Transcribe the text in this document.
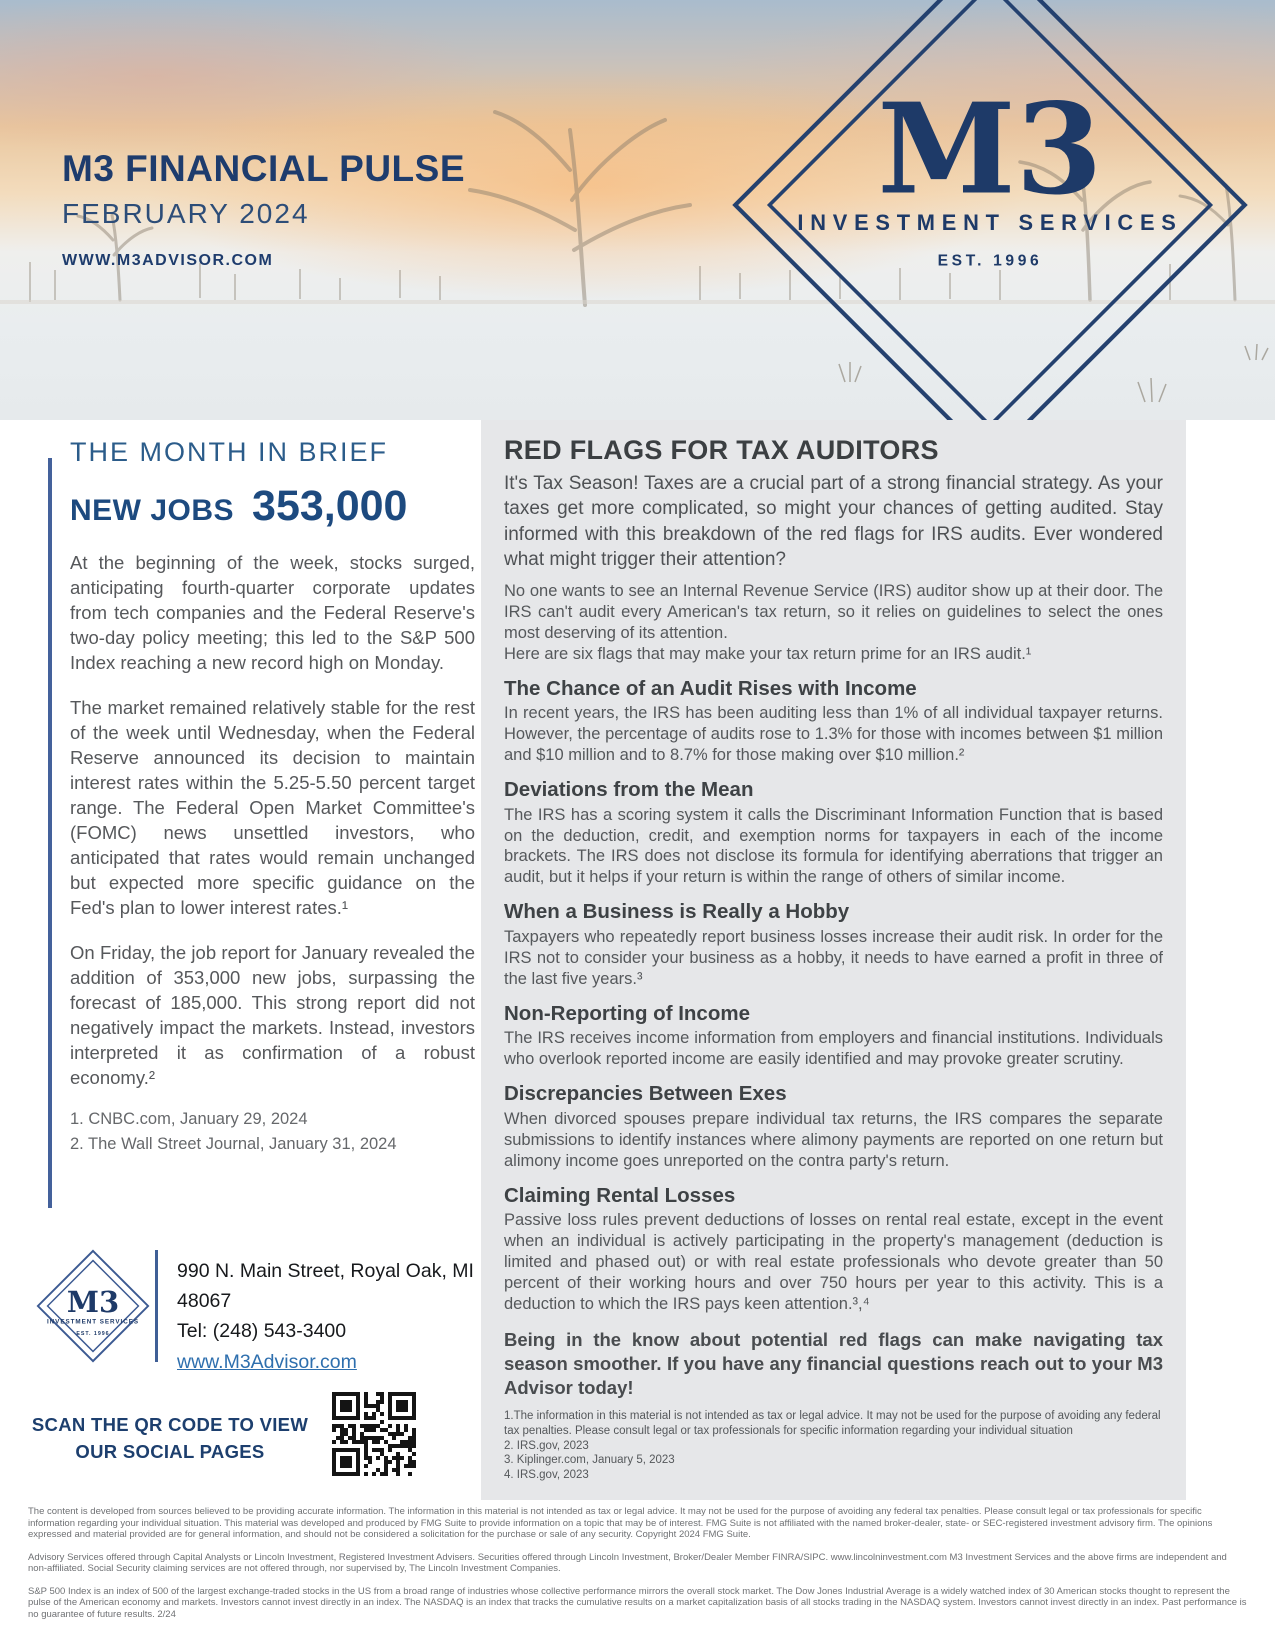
M3
INVESTMENT SERVICES
EST. 1996
M3 FINANCIAL PULSE
FEBRUARY 2024
WWW.M3ADVISOR.COM
THE MONTH IN BRIEF
NEW JOBS 353,000

At the beginning of the week, stocks surged, anticipating fourth-quarter corporate updates from tech companies and the Federal Reserve's two-day policy meeting; this led to the S&P 500 Index reaching a new record high on Monday.

The market remained relatively stable for the rest of the week until Wednesday, when the Federal Reserve announced its decision to maintain interest rates within the 5.25-5.50 percent target range. The Federal Open Market Committee's (FOMC) news unsettled investors, who anticipated that rates would remain unchanged but expected more specific guidance on the Fed's plan to lower interest rates.¹

On Friday, the job report for January revealed the addition of 353,000 new jobs, surpassing the forecast of 185,000. This strong report did not negatively impact the markets. Instead, investors interpreted it as confirmation of a robust economy.²

1. CNBC.com, January 29, 2024
2. The Wall Street Journal, January 31, 2024
M3
INVESTMENT SERVICES
EST. 1996
990 N. Main Street, Royal Oak, MI 48067
Tel: (248) 543-3400
www.M3Advisor.com
SCAN THE QR CODE TO VIEW
OUR SOCIAL PAGES
RED FLAGS FOR TAX AUDITORS
It's Tax Season! Taxes are a crucial part of a strong financial strategy. As your taxes get more complicated, so might your chances of getting audited. Stay informed with this breakdown of the red flags for IRS audits. Ever wondered what might trigger their attention?

No one wants to see an Internal Revenue Service (IRS) auditor show up at their door. The IRS can't audit every American's tax return, so it relies on guidelines to select the ones most deserving of its attention.

Here are six flags that may make your tax return prime for an IRS audit.¹

The Chance of an Audit Rises with Income

In recent years, the IRS has been auditing less than 1% of all individual taxpayer returns. However, the percentage of audits rose to 1.3% for those with incomes between $1 million and $10 million and to 8.7% for those making over $10 million.²

Deviations from the Mean

The IRS has a scoring system it calls the Discriminant Information Function that is based on the deduction, credit, and exemption norms for taxpayers in each of the income brackets. The IRS does not disclose its formula for identifying aberrations that trigger an audit, but it helps if your return is within the range of others of similar income.

When a Business is Really a Hobby

Taxpayers who repeatedly report business losses increase their audit risk. In order for the IRS not to consider your business as a hobby, it needs to have earned a profit in three of the last five years.³

Non-Reporting of Income

The IRS receives income information from employers and financial institutions. Individuals who overlook reported income are easily identified and may provoke greater scrutiny.

Discrepancies Between Exes

When divorced spouses prepare individual tax returns, the IRS compares the separate submissions to identify instances where alimony payments are reported on one return but alimony income goes unreported on the contra party's return.

Claiming Rental Losses

Passive loss rules prevent deductions of losses on rental real estate, except in the event when an individual is actively participating in the property's management (deduction is limited and phased out) or with real estate professionals who devote greater than 50 percent of their working hours and over 750 hours per year to this activity. This is a deduction to which the IRS pays keen attention.³,⁴

Being in the know about potential red flags can make navigating tax season smoother. If you have any financial questions reach out to your M3 Advisor today!
1.The information in this material is not intended as tax or legal advice. It may not be used for the purpose of avoiding any federal tax penalties. Please consult legal or tax professionals for specific information regarding your individual situation
2. IRS.gov, 2023
3. Kiplinger.com, January 5, 2023
4. IRS.gov, 2023

The content is developed from sources believed to be providing accurate information. The information in this material is not intended as tax or legal advice. It may not be used for the purpose of avoiding any federal tax penalties. Please consult legal or tax professionals for specific information regarding your individual situation. This material was developed and produced by FMG Suite to provide information on a topic that may be of interest. FMG Suite is not affiliated with the named broker-dealer, state- or SEC-registered investment advisory firm. The opinions expressed and material provided are for general information, and should not be considered a solicitation for the purchase or sale of any security. Copyright 2024 FMG Suite.

Advisory Services offered through Capital Analysts or Lincoln Investment, Registered Investment Advisers. Securities offered through Lincoln Investment, Broker/Dealer Member FINRA/SIPC. www.lincolninvestment.com M3 Investment Services and the above firms are independent and non-affiliated. Social Security claiming services are not offered through, nor supervised by, The Lincoln Investment Companies.

S&P 500 Index is an index of 500 of the largest exchange-traded stocks in the US from a broad range of industries whose collective performance mirrors the overall stock market. The Dow Jones Industrial Average is a widely watched index of 30 American stocks thought to represent the pulse of the American economy and markets. Investors cannot invest directly in an index. The NASDAQ is an index that tracks the cumulative results on a market capitalization basis of all stocks trading in the NASDAQ system. Investors cannot invest directly in an index. Past performance is no guarantee of future results. 2/24
